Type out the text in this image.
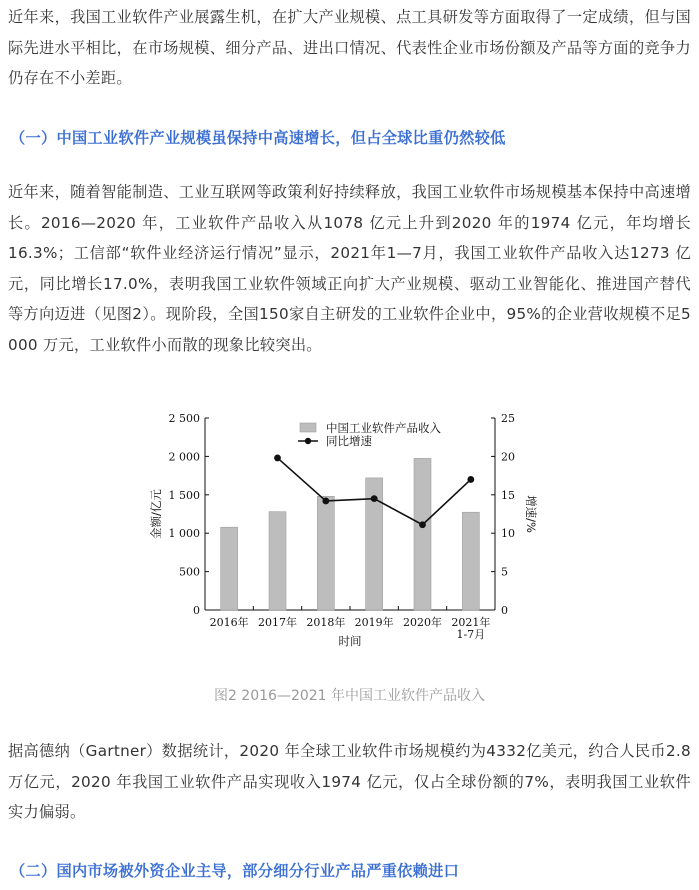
近年来，我国工业软件产业展露生机，在扩大产业规模、点工具研发等方面取得了一定成绩，但与国际先进水平相比，在市场规模、细分产品、进出口情况、代表性企业市场份额及产品等方面的竞争力仍存在不小差距。

（一）中国工业软件产业规模虽保持中高速增长，但占全球比重仍然较低

近年来，随着智能制造、工业互联网等政策利好持续释放，我国工业软件市场规模基本保持中高速增长。2016—2020 年，工业软件产品收入从1078 亿元上升到2020 年的1974 亿元，年均增长16.3%；工信部“软件业经济运行情况”显示，2021年1—7月，我国工业软件产品收入达1273 亿元，同比增长17.0%，表明我国工业软件领域正向扩大产业规模、驱动工业智能化、推进国产替代等方向迈进（见图2）。现阶段，全国150家自主研发的工业软件企业中，95%的企业营收规模不足5 000 万元，工业软件小而散的现象比较突出。

0
500
1 000
1 500
2 000
2 500
0
5
10
15
20
25
2016年 2017年 2018年 2019年 2020年 2021年
1-7月
时间
金额/亿元	增速/%
中国工业软件产品收入
同比增速
图2 2016—2021 年中国工业软件产品收入

据高德纳（Gartner）数据统计，2020 年全球工业软件市场规模约为4332亿美元，约合人民币2.8万亿元，2020 年我国工业软件产品实现收入1974 亿元，仅占全球份额的7%，表明我国工业软件实力偏弱。

（二）国内市场被外资企业主导，部分细分行业产品严重依赖进口
